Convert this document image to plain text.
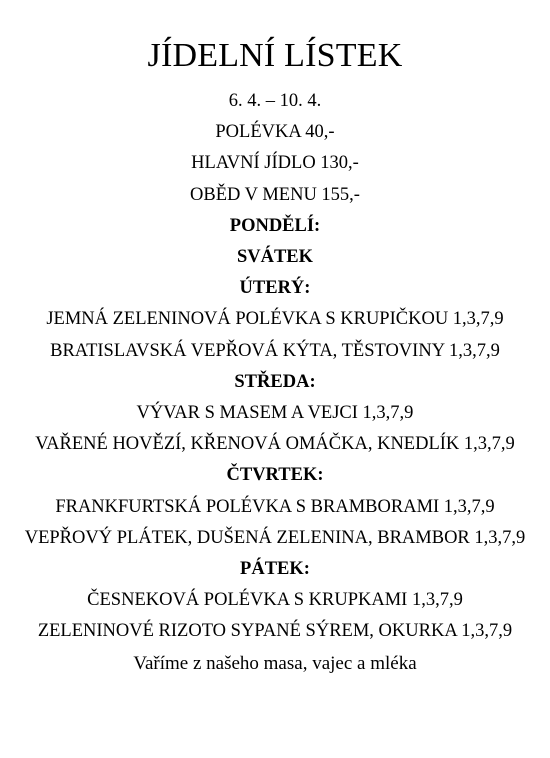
JÍDELNÍ LÍSTEK
6. 4. – 10. 4.
POLÉVKA 40,-
HLAVNÍ JÍDLO 130,-
OBĚD V MENU 155,-
PONDĚLÍ:
SVÁTEK
ÚTERÝ:
JEMNÁ ZELENINOVÁ POLÉVKA S KRUPIČKOU 1,3,7,9
BRATISLAVSKÁ VEPŘOVÁ KÝTA, TĚSTOVINY 1,3,7,9
STŘEDA:
VÝVAR S MASEM A VEJCI 1,3,7,9
VAŘENÉ HOVĚZÍ, KŘENOVÁ OMÁČKA, KNEDLÍK 1,3,7,9
ČTVRTEK:
FRANKFURTSKÁ POLÉVKA S BRAMBORAMI 1,3,7,9
VEPŘOVÝ PLÁTEK, DUŠENÁ ZELENINA, BRAMBOR 1,3,7,9
PÁTEK:
ČESNEKOVÁ POLÉVKA S KRUPKAMI 1,3,7,9
ZELENINOVÉ RIZOTO SYPANÉ SÝREM, OKURKA 1,3,7,9
Vaříme z našeho masa, vajec a mléka
